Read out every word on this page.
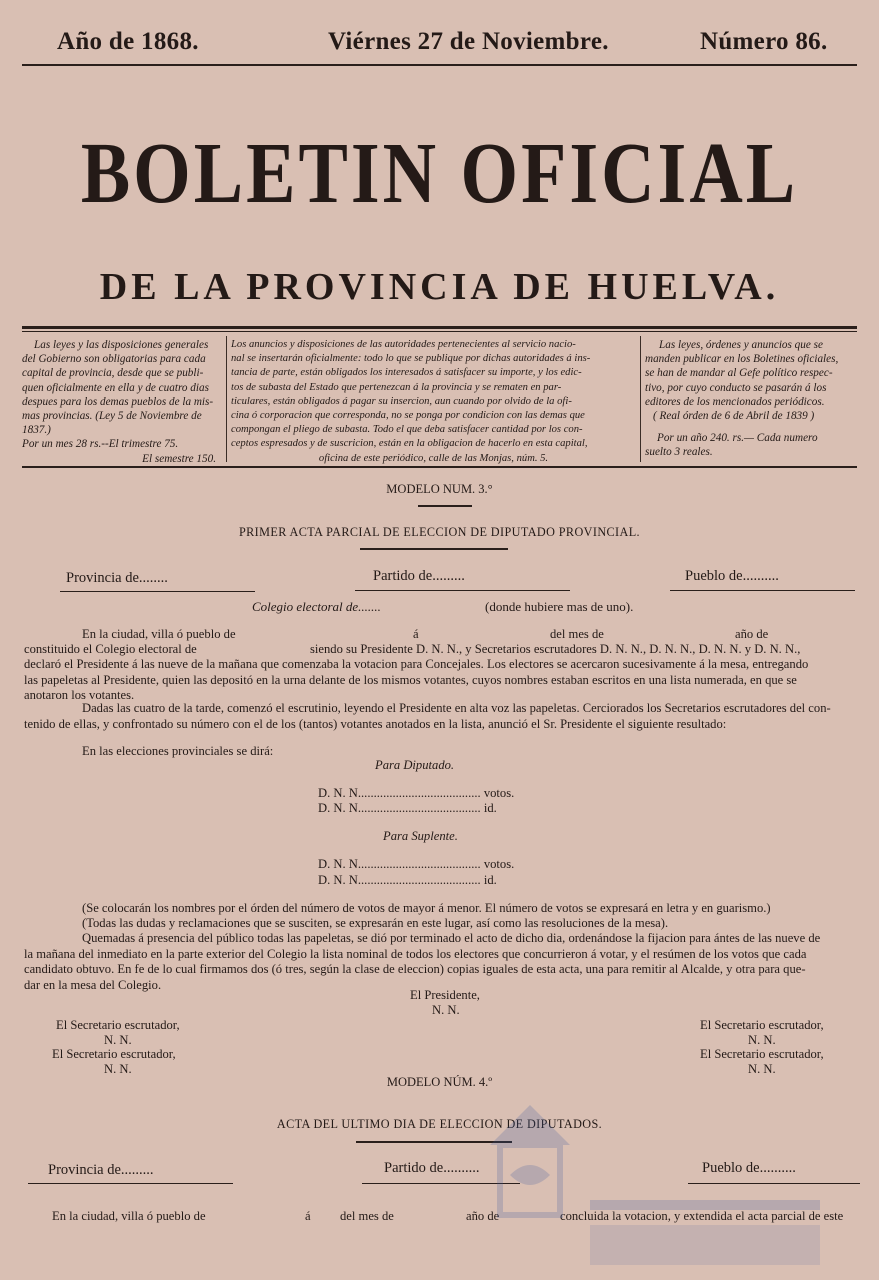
Año de 1868.	Viérnes 27 de Noviembre.	Número 86.
BOLETIN OFICIAL
DE LA PROVINCIA DE HUELVA.

Las leyes y las disposiciones generales

del Gobierno son obligatorias para cada

capital de provincia, desde que se publi-

quen oficialmente en ella y de cuatro dias

despues para los demas pueblos de la mis-

mas provincias. (Ley 5 de Noviembre de

1837.)

Por un mes 28 rs.--El trimestre 75.

El semestre 150.

Los anuncios y disposiciones de las autoridades pertenecientes al servicio nacio-

nal se insertarán oficialmente: todo lo que se publique por dichas autoridades á ins-

tancia de parte, están obligados los interesados á satisfacer su importe, y los edic-

tos de subasta del Estado que pertenezcan á la provincia y se rematen en par-

ticulares, están obligados á pagar su insercion, aun cuando por olvido de la ofi-

cina ó corporacion que corresponda, no se ponga por condicion con las demas que

compongan el pliego de subasta. Todo el que deba satisfacer cantidad por los con-

ceptos espresados y de suscricion, están en la obligacion de hacerlo en esta capital,

oficina de este periódico, calle de las Monjas, núm. 5.

Las leyes, órdenes y anuncios que se

manden publicar en los Boletines oficiales,

se han de mandar al Gefe político respec-

tivo, por cuyo conducto se pasarán á los

editores de los mencionados periódicos.

( Real órden de 6 de Abril de 1839 )

Por un año 240. rs.— Cada numero

suelto 3 reales.

MODELO NUM. 3.°
PRIMER ACTA PARCIAL DE ELECCION DE DIPUTADO PROVINCIAL.
Provincia de........	Partido de.........	Pueblo de..........
Colegio electoral de.......	(donde hubiere mas de uno).
En la ciudad, villa ó pueblo de	á	del mes de	año de
constituido el Colegio electoral de	siendo su Presidente D. N. N., y Secretarios escrutadores D. N. N., D. N. N., D. N. N. y D. N. N.,
declaró el Presidente á las nueve de la mañana que comenzaba la votacion para Concejales. Los electores se acercaron sucesivamente á la mesa, entregando
las papeletas al Presidente, quien las depositó en la urna delante de los mismos votantes, cuyos nombres estaban escritos en una lista numerada, en que se
anotaron los votantes.
Dadas las cuatro de la tarde, comenzó el escrutinio, leyendo el Presidente en alta voz las papeletas. Cerciorados los Secretarios escrutadores del con-
tenido de ellas, y confrontado su número con el de los (tantos) votantes anotados en la lista, anunció el Sr. Presidente el siguiente resultado:
En las elecciones provinciales se dirá:
Para Diputado.
D. N. N....................................... votos.
D. N. N....................................... id.
Para Suplente.
D. N. N....................................... votos.
D. N. N....................................... id.
(Se colocarán los nombres por el órden del número de votos de mayor á menor. El número de votos se expresará en letra y en guarismo.)
(Todas las dudas y reclamaciones que se susciten, se expresarán en este lugar, así como las resoluciones de la mesa).
Quemadas á presencia del público todas las papeletas, se dió por terminado el acto de dicho dia, ordenándose la fijacion para ántes de las nueve de
la mañana del inmediato en la parte exterior del Colegio la lista nominal de todos los electores que concurrieron á votar, y el resúmen de los votos que cada
candidato obtuvo. En fe de lo cual firmamos dos (ó tres, según la clase de eleccion) copias iguales de esta acta, una para remitir al Alcalde, y otra para que-
dar en la mesa del Colegio.
El Presidente,
N. N.
El Secretario escrutador,
N. N.
El Secretario escrutador,
N. N.
El Secretario escrutador,
N. N.
El Secretario escrutador,
N. N.
MODELO NÚM. 4.º
ACTA DEL ULTIMO DIA DE ELECCION DE DIPUTADOS.
Provincia de.........	Partido de..........	Pueblo de..........
En la ciudad, villa ó pueblo de	á del mes de	año de	concluida la votacion, y extendida el acta parcial de este
